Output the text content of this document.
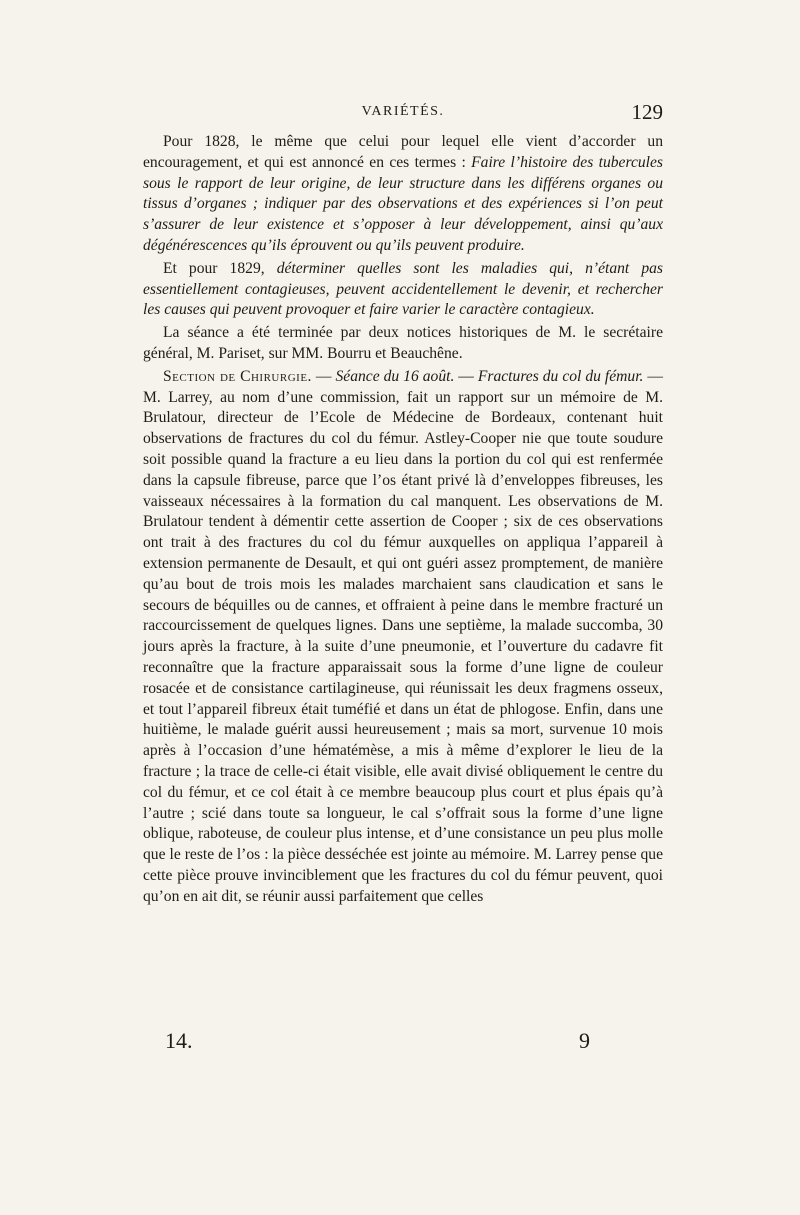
VARIÉTÉS.	129

Pour 1828, le même que celui pour lequel elle vient d’accorder un encouragement, et qui est annoncé en ces termes : Faire l’histoire des tubercules sous le rapport de leur origine, de leur structure dans les différens organes ou tissus d’organes ; indiquer par des observations et des expériences si l’on peut s’assurer de leur existence et s’opposer à leur développement, ainsi qu’aux dégénérescences qu’ils éprouvent ou qu’ils peuvent produire.

Et pour 1829, déterminer quelles sont les maladies qui, n’étant pas essentiellement contagieuses, peuvent accidentellement le devenir, et rechercher les causes qui peuvent provoquer et faire varier le caractère contagieux.

La séance a été terminée par deux notices historiques de M. le secrétaire général, M. Pariset, sur MM. Bourru et Beauchêne.

Section de Chirurgie. — Séance du 16 août. — Fractures du col du fémur. — M. Larrey, au nom d’une commission, fait un rapport sur un mémoire de M. Brulatour, directeur de l’Ecole de Médecine de Bordeaux, contenant huit observations de fractures du col du fémur. Astley-Cooper nie que toute soudure soit possible quand la fracture a eu lieu dans la portion du col qui est renfermée dans la capsule fibreuse, parce que l’os étant privé là d’enveloppes fibreuses, les vaisseaux nécessaires à la formation du cal manquent. Les observations de M. Brulatour tendent à démentir cette assertion de Cooper ; six de ces observations ont trait à des fractures du col du fémur auxquelles on appliqua l’appareil à extension permanente de Desault, et qui ont guéri assez promptement, de manière qu’au bout de trois mois les malades marchaient sans claudication et sans le secours de béquilles ou de cannes, et offraient à peine dans le membre fracturé un raccourcissement de quelques lignes. Dans une septième, la malade succomba, 30 jours après la fracture, à la suite d’une pneumonie, et l’ouverture du cadavre fit reconnaître que la fracture apparaissait sous la forme d’une ligne de couleur rosacée et de consistance cartilagineuse, qui réunissait les deux fragmens osseux, et tout l’appareil fibreux était tuméfié et dans un état de phlogose. Enfin, dans une huitième, le malade guérit aussi heureusement ; mais sa mort, survenue 10 mois après à l’occasion d’une hématémèse, a mis à même d’explorer le lieu de la fracture ; la trace de celle-ci était visible, elle avait divisé obliquement le centre du col du fémur, et ce col était à ce membre beaucoup plus court et plus épais qu’à l’autre ; scié dans toute sa longueur, le cal s’offrait sous la forme d’une ligne oblique, raboteuse, de couleur plus intense, et d’une consistance un peu plus molle que le reste de l’os : la pièce desséchée est jointe au mémoire. M. Larrey pense que cette pièce prouve invinciblement que les fractures du col du fémur peuvent, quoi qu’on en ait dit, se réunir aussi parfaitement que celles

14.	9
